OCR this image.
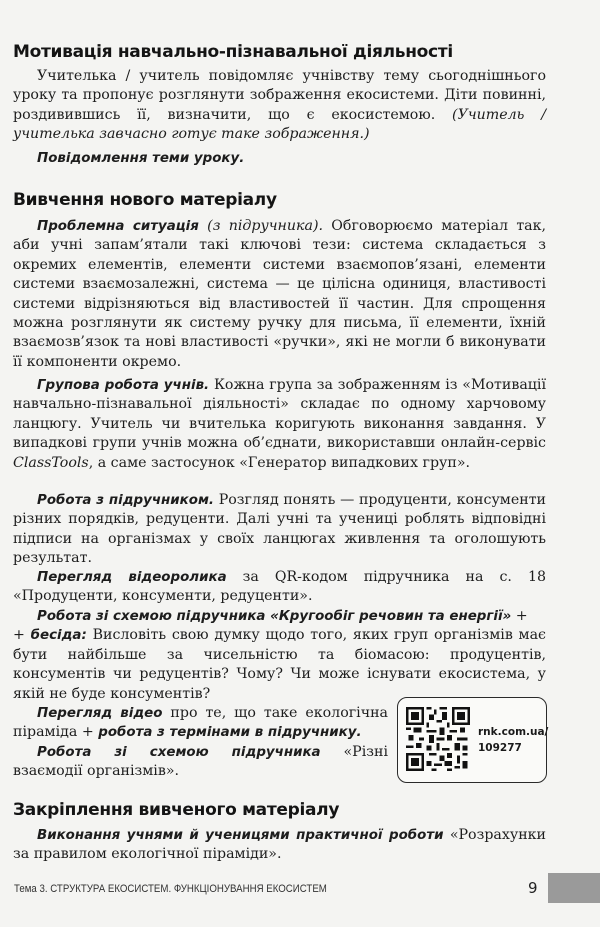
Мотивація навчально-пізнавальної діяльності

Учителька / учитель повідомляє учнівству тему сьогоднішнього уроку та пропонує розглянути зображення екосистеми. Діти повинні, роздивившись її, визначити, що є екосистемою. (Учитель / учителька завчасно готує таке зображення.)

Повідомлення теми уроку.

Вивчення нового матеріалу

Проблемна ситуація (з підручника). Обговорюємо матеріал так, аби учні запам’ятали такі ключові тези: система складається з окремих елементів, елементи системи взаємопов’язані, елементи системи взаємозалежні, система — це цілісна одиниця, властивості системи відрізняються від властивостей її частин. Для спрощення можна розглянути як систему ручку для письма, її елементи, їхній взаємозв’язок та нові властивості «ручки», які не могли б виконувати її компоненти окремо.

Групова робота учнів. Кожна група за зображенням із «Мотивації навчально-пізнавальної діяльності» складає по одному харчовому ланцюгу. Учитель чи вчителька коригують виконання завдання. У випадкові групи учнів можна об’єднати, використавши онлайн-сервіс ClassTools, а саме застосунок «Генератор випадкових груп».

Робота з підручником. Розгляд понять — продуценти, консументи різних порядків, редуценти. Далі учні та учениці роблять відповідні підписи на організмах у своїх ланцюгах живлення та оголошують результат.

Перегляд відеоролика за QR-кодом підручника на с. 18 «Продуценти, консументи, редуценти».

Робота зі схемою підручника «Кругообіг речовин та енергії» +
+ бесіда: Висловіть свою думку щодо того, яких груп організмів має бути найбільше за чисельністю та біомасою: продуцентів, консументів чи редуцентів? Чому? Чи може існувати екосистема, у якій не буде консументів?

Перегляд відео про те, що таке екологічна піраміда + робота з термінами в підручнику.

Робота зі схемою підручника «Різні взаємодії організмів».

rnk.com.ua/
109277
Закріплення вивченого матеріалу

Виконання учнями й ученицями практичної роботи «Розрахунки за правилом екологічної піраміди».

Тема 3. СТРУКТУРА ЕКОСИСТЕМ. ФУНКЦІОНУВАННЯ ЕКОСИСТЕМ	9
